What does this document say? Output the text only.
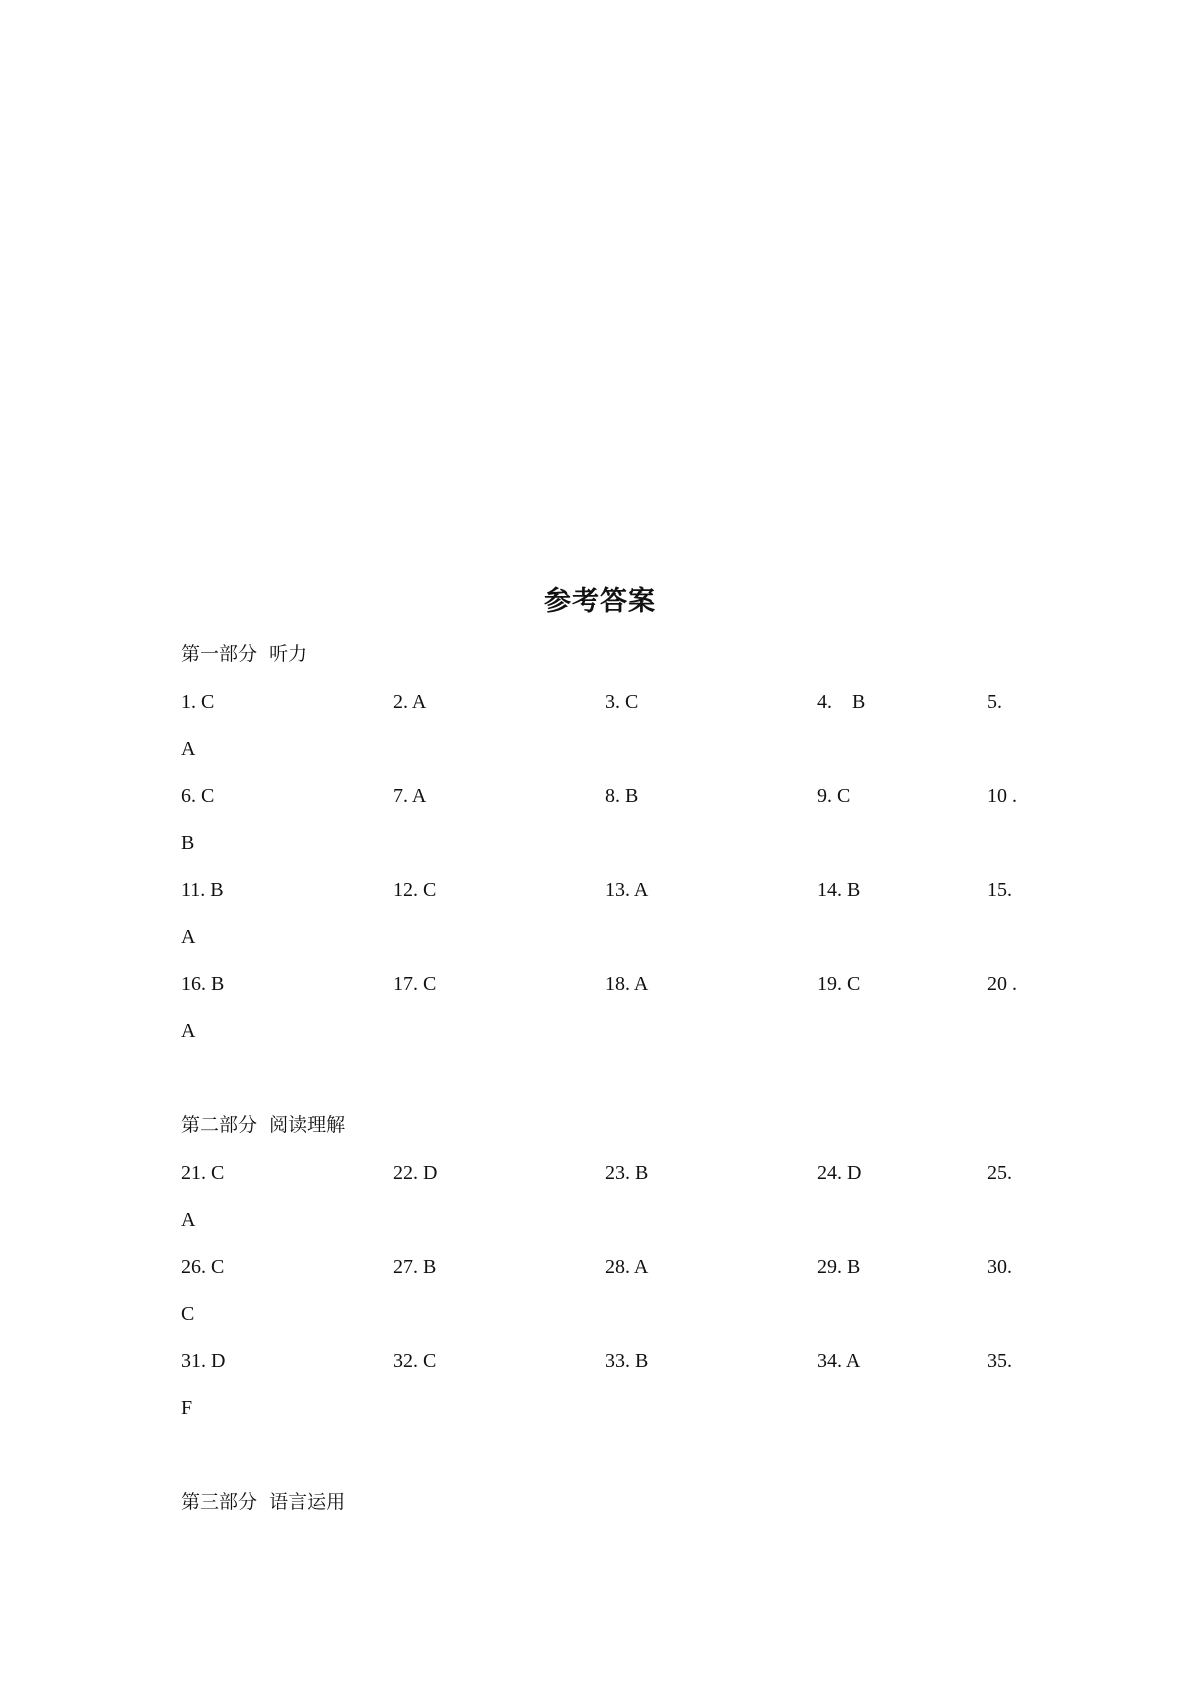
参考答案
第一部分  听力
1. C	2. A	3. C	4.    B	5.
A
6. C	7. A	8. B	9. C	10 .
B
11. B	12. C	13. A	14. B	15.
A
16. B	17. C	18. A	19. C	20 .
A
第二部分  阅读理解
21. C	22. D	23. B	24. D	25.
A
26. C	27. B	28. A	29. B	30.
C
31. D	32. C	33. B	34. A	35.
F
第三部分  语言运用
